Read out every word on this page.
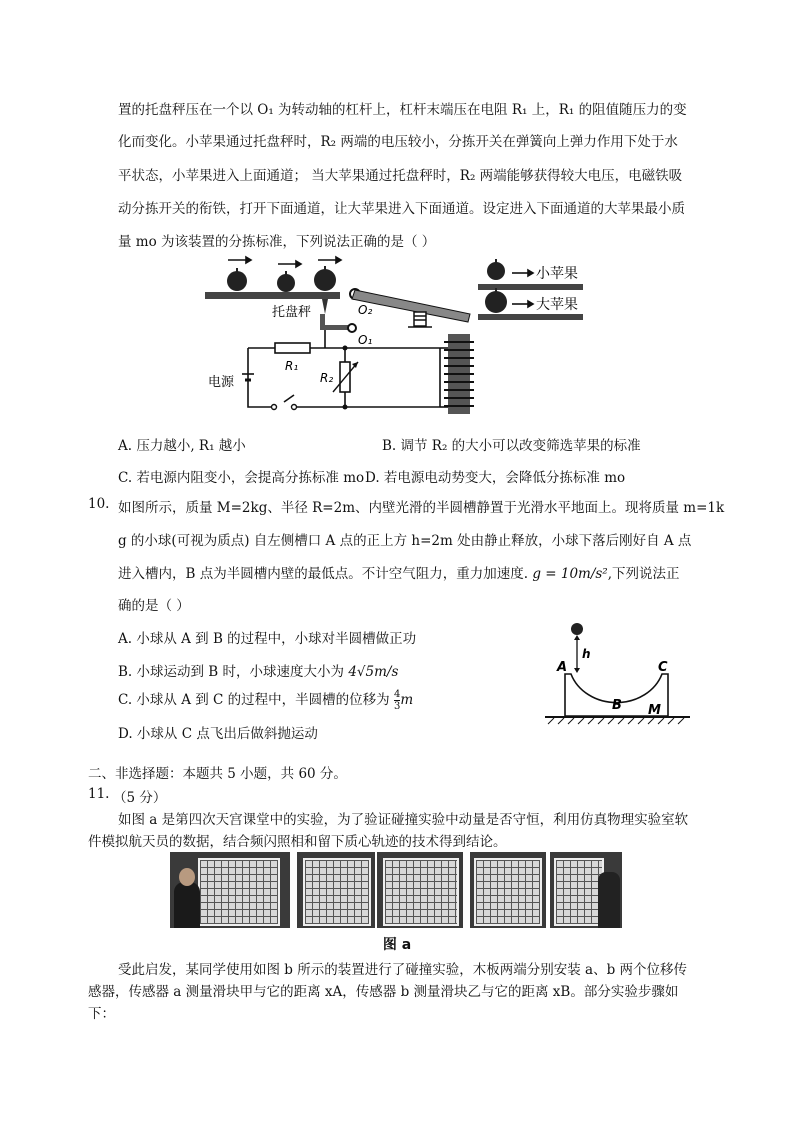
置的托盘秤压在一个以 O₁ 为转动轴的杠杆上，杠杆末端压在电阻 R₁ 上，R₁ 的阻值随压力的变
化而变化。小苹果通过托盘秤时，R₂ 两端的电压较小，分拣开关在弹簧向上弹力作用下处于水
平状态，小苹果进入上面通道； 当大苹果通过托盘秤时，R₂ 两端能够获得较大电压，电磁铁吸
动分拣开关的衔铁，打开下面通道，让大苹果进入下面通道。设定进入下面通道的大苹果最小质
量 mo 为该装置的分拣标准，下列说法正确的是（ ）
托盘秤	O₂
O₁
小苹果
大苹果
R₁
R₂
电源
A. 压力越小, R₁ 越小	B. 调节 R₂ 的大小可以改变筛选苹果的标准
C. 若电源内阻变小，会提高分拣标准 mo D. 若电源电动势变大，会降低分拣标准 mo
10. 如图所示，质量 M=2kg、半径 R=2m、内壁光滑的半圆槽静置于光滑水平地面上。现将质量 m=1k
g 的小球(可视为质点) 自左侧槽口 A 点的正上方 h=2m 处由静止释放，小球下落后刚好自 A 点
进入槽内，B 点为半圆槽内壁的最低点。不计空气阻力，重力加速度. g = 10m/s²,下列说法正
确的是（ ）
A. 小球从 A 到 B 的过程中，小球对半圆槽做正功
B. 小球运动到 B 时，小球速度大小为 4√5m/s
C. 小球从 A 到 C 的过程中，半圆槽的位移为 $\frac{4}{3}$ m
D. 小球从 C 点飞出后做斜抛运动
h
A	C
B M
二、非选择题：本题共 5 小题，共 60 分。
11. （5 分）
如图 a 是第四次天宫课堂中的实验，为了验证碰撞实验中动量是否守恒，利用仿真物理实验室软
件模拟航天员的数据，结合频闪照相和留下质心轨迹的技术得到结论。
图 a
受此启发，某同学使用如图 b 所示的装置进行了碰撞实验，木板两端分别安装 a、b 两个位移传
感器，传感器 a 测量滑块甲与它的距离 xA，传感器 b 测量滑块乙与它的距离 xB。部分实验步骤如
下：
